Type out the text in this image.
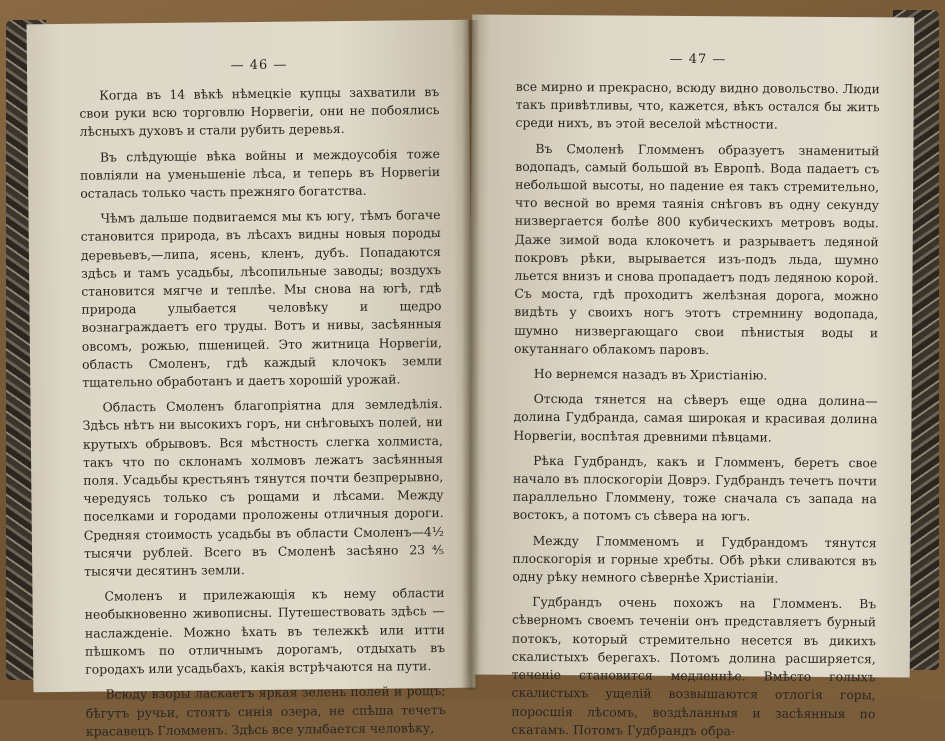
— 46 —

Когда въ 14 вѣкѣ нѣмецкiе купцы захватили въ свои руки всю торговлю Норвегiи, они не побоялись лѣсныхъ духовъ и стали рубить деревья.

Въ слѣдующiе вѣка войны и междоусобiя тоже повлiяли на уменьшенiе лѣса, и теперь въ Норвегiи осталась только часть прежняго богатства.

Чѣмъ дальше подвигаемся мы къ югу, тѣмъ богаче становится природа, въ лѣсахъ видны новыя породы деревьевъ,—липа, ясень, кленъ, дубъ. Попадаются здѣсь и тамъ усадьбы, лѣсопильные заводы; воздухъ становится мягче и теплѣе. Мы снова на югѣ, гдѣ природа улыбается человѣку и щедро вознаграждаетъ его труды. Вотъ и нивы, засѣянныя овсомъ, рожью, пшеницей. Это житница Норвегiи, область Смоленъ, гдѣ каждый клочокъ земли тщательно обработанъ и даетъ хорошiй урожай.

Область Смоленъ благопрiятна для земледѣлiя. Здѣсь нѣтъ ни высокихъ горъ, ни снѣговыхъ полей, ни крутыхъ обрывовъ. Вся мѣстность слегка холмиста, такъ что по склонамъ холмовъ лежатъ засѣянныя поля. Усадьбы крестьянъ тянутся почти безпрерывно, чередуясь только съ рощами и лѣсами. Между поселками и городами проложены отличныя дороги. Средняя стоимость усадьбы въ области Смоленъ—4½ тысячи рублей. Всего въ Смоленѣ засѣяно 23⅘ тысячи десятинъ земли.

Смоленъ и прилежающiя къ нему области необыкновенно живописны. Путешествовать здѣсь — наслажденiе. Можно ѣхать въ тележкѣ или итти пѣшкомъ по отличнымъ дорогамъ, отдыхать въ городахъ или усадьбахъ, какiя встрѣчаются на пути.

Всюду взоры ласкаетъ яркая зелень полей и рощъ; бѣгутъ ручьи, стоятъ синiя озера, не спѣша течетъ красавецъ Гломменъ. Здѣсь все улыбается человѣку,

— 47 —

все мирно и прекрасно, всюду видно довольство. Люди такъ привѣтливы, что, кажется, вѣкъ остался бы жить среди нихъ, въ этой веселой мѣстности.

Въ Смоленѣ Гломменъ образуетъ знаменитый водопадъ, самый большой въ Европѣ. Вода падаетъ съ небольшой высоты, но падение ея такъ стремительно, что весной во время таянiя снѣговъ въ одну секунду низвергается болѣе 800 кубическихъ метровъ воды. Даже зимой вода клокочетъ и разрываетъ ледяной покровъ рѣки, вырывается изъ-подъ льда, шумно льется внизъ и снова пропадаетъ подъ ледяною корой. Съ моста, гдѣ проходитъ желѣзная дорога, можно видѣть у своихъ ногъ этотъ стремнину водопада, шумно низвергающаго свои пѣнистыя воды и окутаннаго облакомъ паровъ.

Но вернемся назадъ въ Христiанiю.

Отсюда тянется на сѣверъ еще одна долина—долина Гудбранда, самая широкая и красивая долина Норвегiи, воспѣтая древними пѣвцами.

Рѣка Гудбрандъ, какъ и Гломменъ, беретъ свое начало въ плоскогорiи Доврэ. Гудбрандъ течетъ почти параллельно Гломмену, тоже сначала съ запада на востокъ, а потомъ съ сѣвера на югъ.

Между Гломменомъ и Гудбрандомъ тянутся плоскогорiя и горные хребты. Обѣ рѣки сливаются въ одну рѣку немного сѣвернѣе Христiанiи.

Гудбрандъ очень похожъ на Гломменъ. Въ сѣверномъ своемъ теченiи онъ представляетъ бурный потокъ, который стремительно несется въ дикихъ скалистыхъ берегахъ. Потомъ долина расширяется, теченiе становится медленнѣе. Вмѣсто голыхъ скалистыхъ ущелiй возвышаются отлогiя горы, поросшiя лѣсомъ, воздѣланныя и засѣянныя по скатамъ. Потомъ Гудбрандъ обра-
